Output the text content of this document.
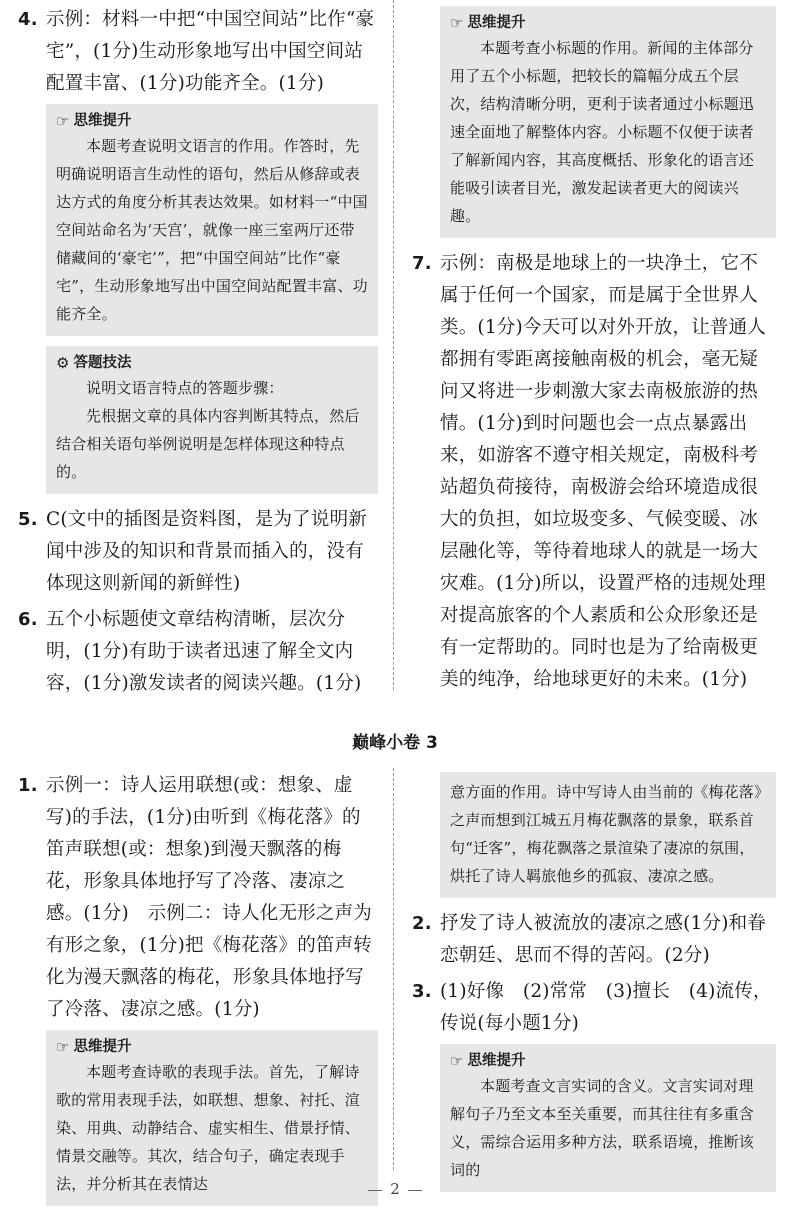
4. 示例：材料一中把“中国空间站”比作“豪宅”，(1分)生动形象地写出中国空间站配置丰富、(1分)功能齐全。(1分)
☞ 思维提升
本题考查说明文语言的作用。作答时，先明确说明语言生动性的语句，然后从修辞或表达方式的角度分析其表达效果。如材料一“中国空间站命名为‘天宫’，就像一座三室两厅还带储藏间的‘豪宅’”，把“中国空间站”比作“豪宅”，生动形象地写出中国空间站配置丰富、功能齐全。
⚙ 答题技法
说明文语言特点的答题步骤：
先根据文章的具体内容判断其特点，然后结合相关语句举例说明是怎样体现这种特点的。
5. C(文中的插图是资料图，是为了说明新闻中涉及的知识和背景而插入的，没有体现这则新闻的新鲜性)
6. 五个小标题使文章结构清晰，层次分明，(1分)有助于读者迅速了解全文内容，(1分)激发读者的阅读兴趣。(1分)
☞ 思维提升
本题考查小标题的作用。新闻的主体部分用了五个小标题，把较长的篇幅分成五个层次，结构清晰分明，更利于读者通过小标题迅速全面地了解整体内容。小标题不仅便于读者了解新闻内容，其高度概括、形象化的语言还能吸引读者目光，激发起读者更大的阅读兴趣。
7. 示例：南极是地球上的一块净土，它不属于任何一个国家，而是属于全世界人类。(1分)今天可以对外开放，让普通人都拥有零距离接触南极的机会，毫无疑问又将进一步刺激大家去南极旅游的热情。(1分)到时问题也会一点点暴露出来，如游客不遵守相关规定，南极科考站超负荷接待，南极游会给环境造成很大的负担，如垃圾变多、气候变暖、冰层融化等，等待着地球人的就是一场大灾难。(1分)所以，设置严格的违规处理对提高旅客的个人素质和公众形象还是有一定帮助的。同时也是为了给南极更美的纯净，给地球更好的未来。(1分)
巅峰小卷 3
1. 示例一：诗人运用联想(或：想象、虚写)的手法，(1分)由听到《梅花落》的笛声联想(或：想象)到漫天飘落的梅花，形象具体地抒写了冷落、凄凉之感。(1分)　示例二：诗人化无形之声为有形之象，(1分)把《梅花落》的笛声转化为漫天飘落的梅花，形象具体地抒写了冷落、凄凉之感。(1分)
☞ 思维提升
本题考查诗歌的表现手法。首先，了解诗歌的常用表现手法，如联想、想象、衬托、渲染、用典、动静结合、虚实相生、借景抒情、情景交融等。其次，结合句子，确定表现手法，并分析其在表情达
意方面的作用。诗中写诗人由当前的《梅花落》之声而想到江城五月梅花飘落的景象，联系首句“迁客”，梅花飘落之景渲染了凄凉的氛围，烘托了诗人羁旅他乡的孤寂、凄凉之感。
2. 抒发了诗人被流放的凄凉之感(1分)和眷恋朝廷、思而不得的苦闷。(2分)
3. (1)好像　(2)常常　(3)擅长　(4)流传，传说(每小题1分)
☞ 思维提升
本题考查文言实词的含义。文言实词对理解句子乃至文本至关重要，而其往往有多重含义，需综合运用多种方法，联系语境，推断该词的
2
